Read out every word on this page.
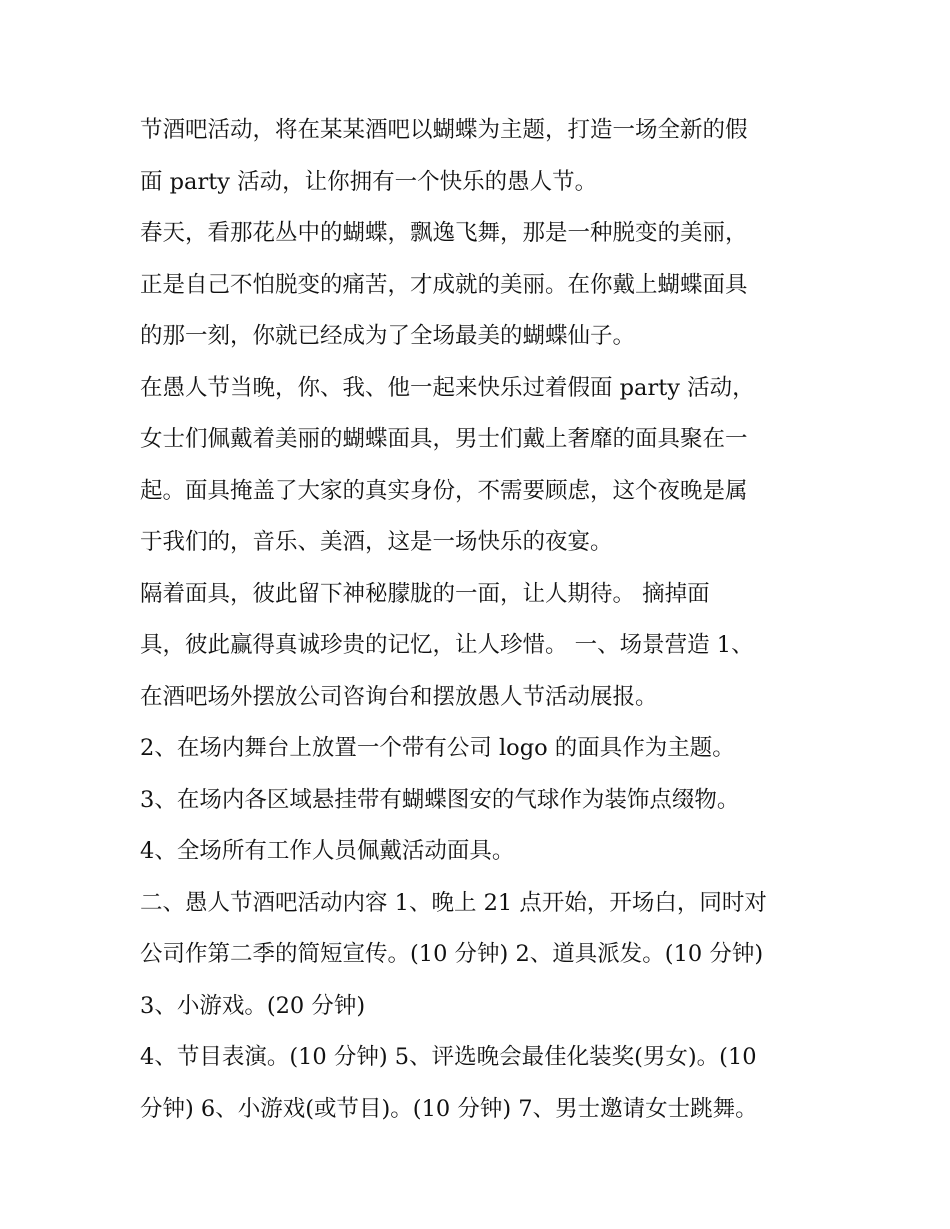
节酒吧活动，将在某某酒吧以蝴蝶为主题，打造一场全新的假
面 party 活动，让你拥有一个快乐的愚人节。
春天，看那花丛中的蝴蝶，飘逸飞舞，那是一种脱变的美丽，
正是自己不怕脱变的痛苦，才成就的美丽。在你戴上蝴蝶面具
的那一刻，你就已经成为了全场最美的蝴蝶仙子。
在愚人节当晚，你、我、他一起来快乐过着假面 party 活动，
女士们佩戴着美丽的蝴蝶面具，男士们戴上奢靡的面具聚在一
起。面具掩盖了大家的真实身份，不需要顾虑，这个夜晚是属
于我们的，音乐、美酒，这是一场快乐的夜宴。
隔着面具，彼此留下神秘朦胧的一面，让人期待。 摘掉面
具，彼此赢得真诚珍贵的记忆，让人珍惜。 一、场景营造 1、
在酒吧场外摆放公司咨询台和摆放愚人节活动展报。
2、在场内舞台上放置一个带有公司 logo 的面具作为主题。
3、在场内各区域悬挂带有蝴蝶图安的气球作为装饰点缀物。
4、全场所有工作人员佩戴活动面具。
二、愚人节酒吧活动内容 1、晚上 21 点开始，开场白，同时对
公司作第二季的简短宣传。(10 分钟) 2、道具派发。(10 分钟)
3、小游戏。(20 分钟)
4、节目表演。(10 分钟) 5、评选晚会最佳化装奖(男女)。(10
分钟) 6、小游戏(或节目)。(10 分钟) 7、男士邀请女士跳舞。
